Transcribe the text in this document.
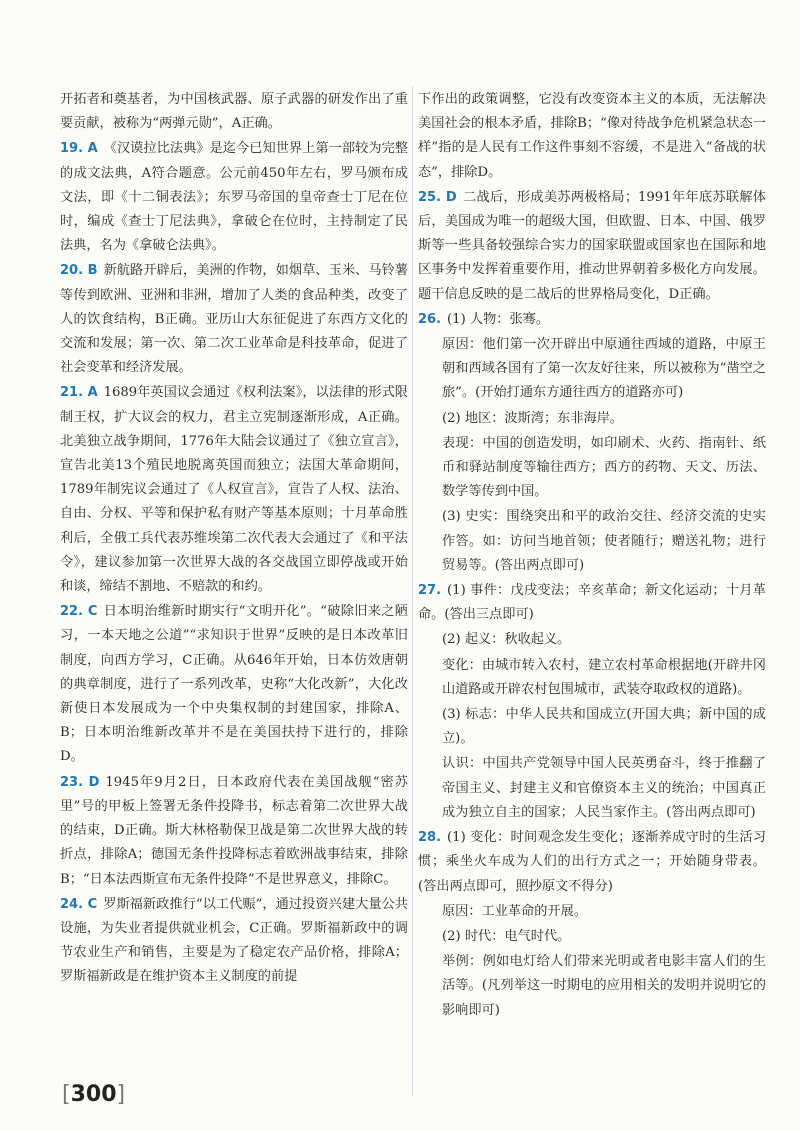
开拓者和奠基者，为中国核武器、原子武器的研发作出了重要贡献，被称为“两弹元勋”，A正确。

19. A 《汉谟拉比法典》是迄今已知世界上第一部较为完整的成文法典，A符合题意。公元前450年左右，罗马颁布成文法，即《十二铜表法》；东罗马帝国的皇帝查士丁尼在位时，编成《查士丁尼法典》，拿破仑在位时，主持制定了民法典，名为《拿破仑法典》。

20. B 新航路开辟后，美洲的作物，如烟草、玉米、马铃薯等传到欧洲、亚洲和非洲，增加了人类的食品种类，改变了人的饮食结构，B正确。亚历山大东征促进了东西方文化的交流和发展；第一次、第二次工业革命是科技革命，促进了社会变革和经济发展。

21. A 1689年英国议会通过《权利法案》，以法律的形式限制王权，扩大议会的权力，君主立宪制逐渐形成，A正确。北美独立战争期间，1776年大陆会议通过了《独立宣言》，宣告北美13个殖民地脱离英国而独立；法国大革命期间，1789年制宪议会通过了《人权宣言》，宣告了人权、法治、自由、分权、平等和保护私有财产等基本原则；十月革命胜利后，全俄工兵代表苏维埃第二次代表大会通过了《和平法令》，建议参加第一次世界大战的各交战国立即停战或开始和谈，缔结不割地、不赔款的和约。

22. C 日本明治维新时期实行“文明开化”。“破除旧来之陋习，一本天地之公道”“求知识于世界”反映的是日本改革旧制度，向西方学习，C正确。从646年开始，日本仿效唐朝的典章制度，进行了一系列改革，史称“大化改新”，大化改新使日本发展成为一个中央集权制的封建国家，排除A、B；日本明治维新改革并不是在美国扶持下进行的，排除D。

23. D 1945年9月2日，日本政府代表在美国战舰“密苏里”号的甲板上签署无条件投降书，标志着第二次世界大战的结束，D正确。斯大林格勒保卫战是第二次世界大战的转折点，排除A；德国无条件投降标志着欧洲战事结束，排除B；“日本法西斯宣布无条件投降”不是世界意义，排除C。

24. C 罗斯福新政推行“以工代赈”，通过投资兴建大量公共设施，为失业者提供就业机会，C正确。罗斯福新政中的调节农业生产和销售，主要是为了稳定农产品价格，排除A；罗斯福新政是在维护资本主义制度的前提

下作出的政策调整，它没有改变资本主义的本质，无法解决美国社会的根本矛盾，排除B；“像对待战争危机紧急状态一样”指的是人民有工作这件事刻不容缓，不是进入“备战的状态”，排除D。

25. D 二战后，形成美苏两极格局；1991年年底苏联解体后，美国成为唯一的超级大国，但欧盟、日本、中国、俄罗斯等一些具备较强综合实力的国家联盟或国家也在国际和地区事务中发挥着重要作用，推动世界朝着多极化方向发展。题干信息反映的是二战后的世界格局变化，D正确。

26. (1) 人物：张骞。

原因：他们第一次开辟出中原通往西域的道路，中原王朝和西域各国有了第一次友好往来，所以被称为“凿空之旅”。(开始打通东方通往西方的道路亦可)

(2) 地区：波斯湾；东非海岸。

表现：中国的创造发明，如印刷术、火药、指南针、纸币和驿站制度等输往西方；西方的药物、天文、历法、数学等传到中国。

(3) 史实：围绕突出和平的政治交往、经济交流的史实作答。如：访问当地首领；使者随行；赠送礼物；进行贸易等。(答出两点即可)

27. (1) 事件：戊戌变法；辛亥革命；新文化运动；十月革命。(答出三点即可)

(2) 起义：秋收起义。

变化：由城市转入农村，建立农村革命根据地(开辟井冈山道路或开辟农村包围城市，武装夺取政权的道路)。

(3) 标志：中华人民共和国成立(开国大典；新中国的成立)。

认识：中国共产党领导中国人民英勇奋斗，终于推翻了帝国主义、封建主义和官僚资本主义的统治；中国真正成为独立自主的国家；人民当家作主。(答出两点即可)

28. (1) 变化：时间观念发生变化；逐渐养成守时的生活习惯；乘坐火车成为人们的出行方式之一；开始随身带表。(答出两点即可，照抄原文不得分)

原因：工业革命的开展。

(2) 时代：电气时代。

举例：例如电灯给人们带来光明或者电影丰富人们的生活等。(凡列举这一时期电的应用相关的发明并说明它的影响即可)

[300]
